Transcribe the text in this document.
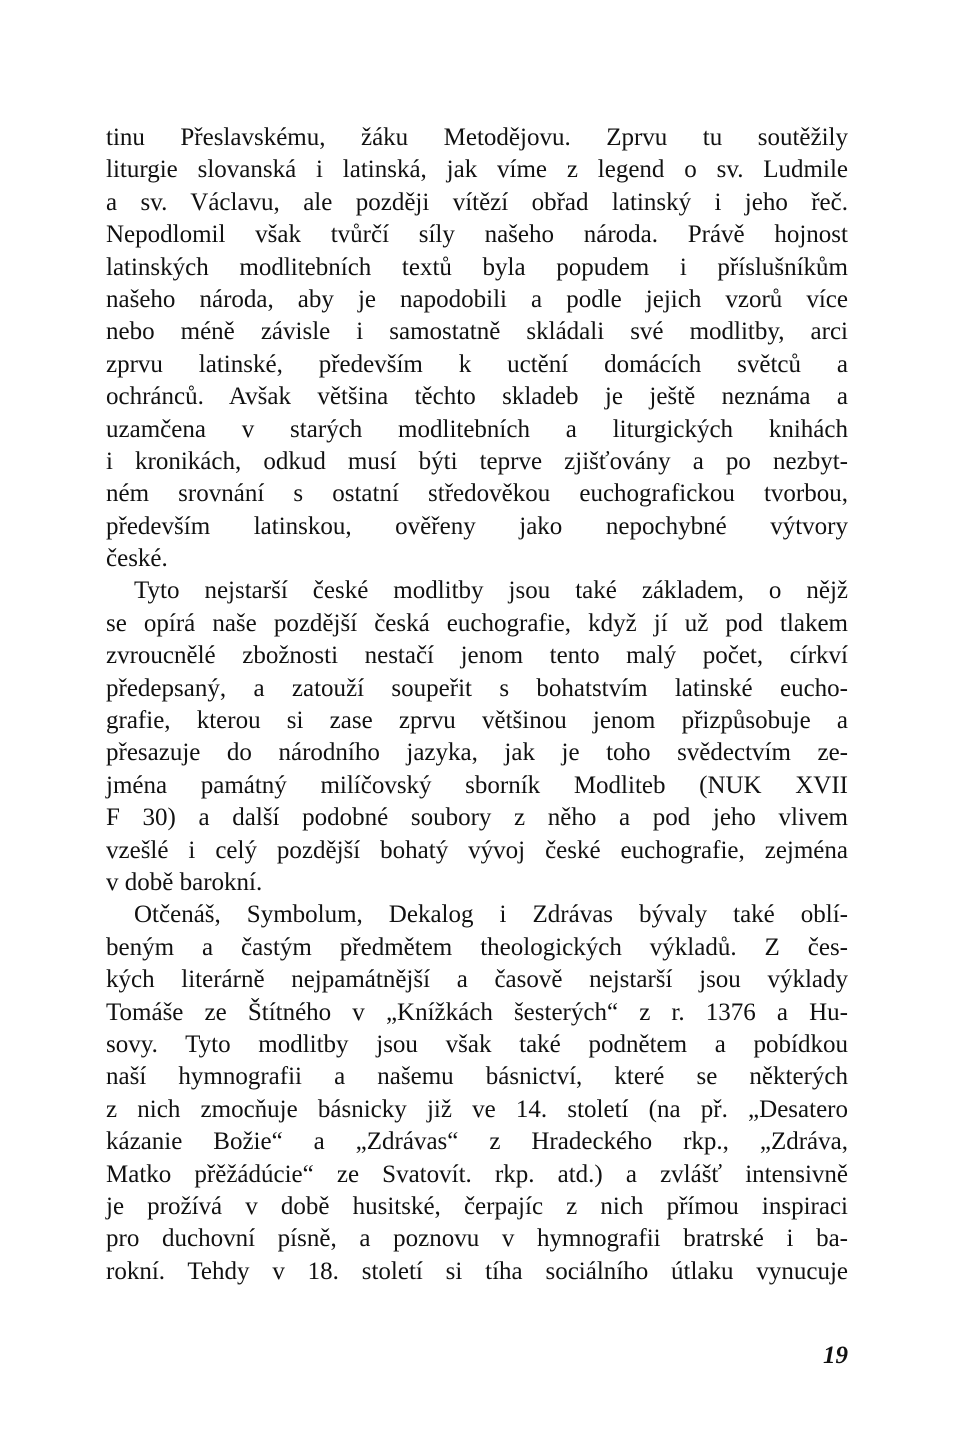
tinu Přeslavskému, žáku Metodějovu. Zprvu tu soutěžily
liturgie slovanská i latinská, jak víme z legend o sv. Ludmile
a sv. Václavu, ale později vítězí obřad latinský i jeho řeč.
Nepodlomil však tvůrčí síly našeho národa. Právě hojnost
latinských modlitebních textů byla popudem i příslušníkům
našeho národa, aby je napodobili a podle jejich vzorů více
nebo méně závisle i samostatně skládali své modlitby, arci
zprvu latinské, především k uctění domácích světců a
ochránců. Avšak většina těchto skladeb je ještě neznáma a
uzamčena v starých modlitebních a liturgických knihách
i kronikách, odkud musí býti teprve zjišťovány a po nezbyt-
ném srovnání s ostatní středověkou euchografickou tvorbou,
především latinskou, ověřeny jako nepochybné výtvory
české.
Tyto nejstarší české modlitby jsou také základem, o nějž
se opírá naše pozdější česká euchografie, když jí už pod tlakem
zvroucnělé zbožnosti nestačí jenom tento malý počet, církví
předepsaný, a zatouží soupeřit s bohatstvím latinské eucho-
grafie, kterou si zase zprvu většinou jenom přizpůsobuje a
přesazuje do národního jazyka, jak je toho svědectvím ze-
jména památný milíčovský sborník Modliteb (NUK XVII
F 30) a další podobné soubory z něho a pod jeho vlivem
vzešlé i celý pozdější bohatý vývoj české euchografie, zejména
v době barokní.
Otčenáš, Symbolum, Dekalog i Zdrávas bývaly také oblí-
beným a častým předmětem theologických výkladů. Z čes-
kých literárně nejpamátnější a časově nejstarší jsou výklady
Tomáše ze Štítného v „Knížkách šesterých“ z r. 1376 a Hu-
sovy. Tyto modlitby jsou však také podnětem a pobídkou
naší hymnografii a našemu básnictví, které se některých
z nich zmocňuje básnicky již ve 14. století (na př. „Desatero
kázanie Božie“ a „Zdrávas“ z Hradeckého rkp., „Zdráva,
Matko přěžádúcie“ ze Svatovít. rkp. atd.) a zvlášť intensivně
je prožívá v době husitské, čerpajíc z nich přímou inspiraci
pro duchovní písně, a poznovu v hymnografii bratrské i ba-
rokní. Tehdy v 18. století si tíha sociálního útlaku vynucuje
19
